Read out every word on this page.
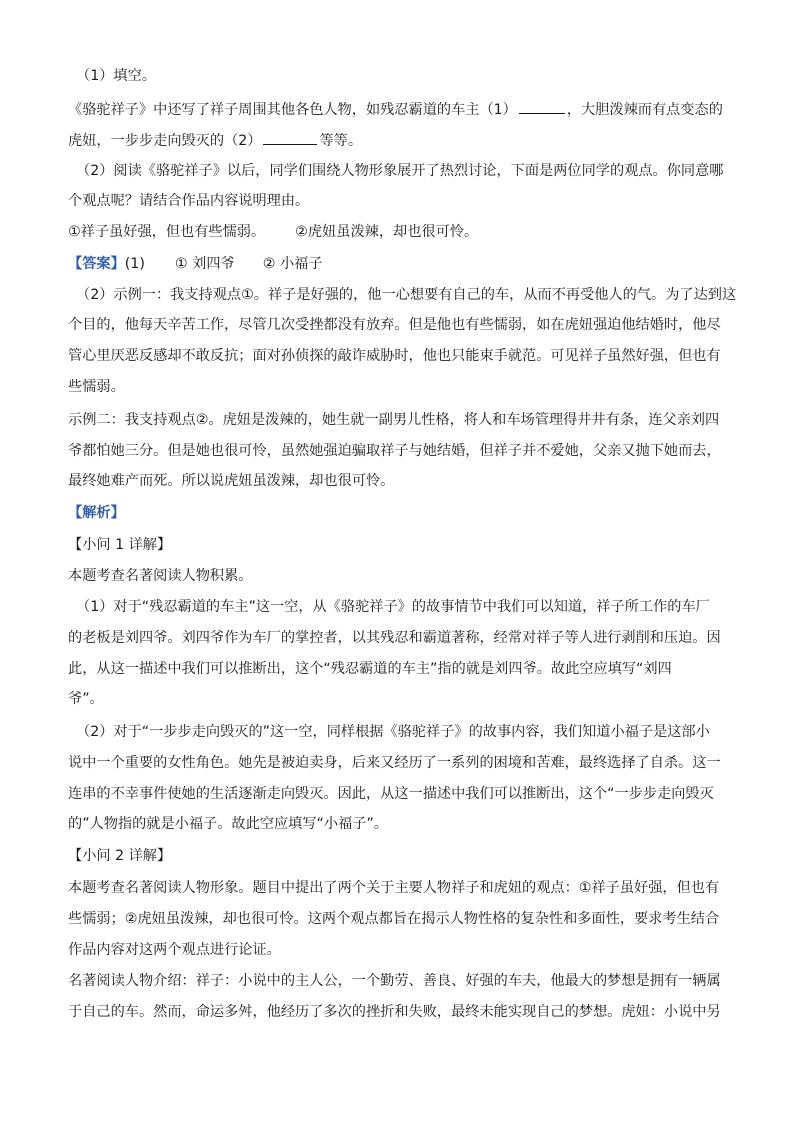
（1）填空。
《骆驼祥子》中还写了祥子周围其他各色人物，如残忍霸道的车主（1）	，大胆泼辣而有点变态的
虎妞，一步步走向毁灭的（2）	等等。
（2）阅读《骆驼祥子》以后，同学们围绕人物形象展开了热烈讨论，下面是两位同学的观点。你同意哪
个观点呢？请结合作品内容说明理由。
①祥子虽好强，但也有些懦弱。 ②虎妞虽泼辣，却也很可怜。
【答案】(1) ① 刘四爷 ② 小福子
（2）示例一：我支持观点①。祥子是好强的，他一心想要有自己的车，从而不再受他人的气。为了达到这
个目的，他每天辛苦工作，尽管几次受挫都没有放弃。但是他也有些懦弱，如在虎妞强迫他结婚时，他尽
管心里厌恶反感却不敢反抗；面对孙侦探的敲诈威胁时，他也只能束手就范。可见祥子虽然好强，但也有
些懦弱。
示例二：我支持观点②。虎妞是泼辣的，她生就一副男儿性格，将人和车场管理得井井有条，连父亲刘四
爷都怕她三分。但是她也很可怜，虽然她强迫骗取祥子与她结婚，但祥子并不爱她，父亲又抛下她而去，
最终她难产而死。所以说虎妞虽泼辣，却也很可怜。
【解析】
【小问 1 详解】
本题考查名著阅读人物积累。
（1）对于“残忍霸道的车主”这一空，从《骆驼祥子》的故事情节中我们可以知道，祥子所工作的车厂
的老板是刘四爷。刘四爷作为车厂的掌控者，以其残忍和霸道著称，经常对祥子等人进行剥削和压迫。因
此，从这一描述中我们可以推断出，这个“残忍霸道的车主”指的就是刘四爷。故此空应填写“刘四
爷”。
（2）对于“一步步走向毁灭的”这一空，同样根据《骆驼祥子》的故事内容，我们知道小福子是这部小
说中一个重要的女性角色。她先是被迫卖身，后来又经历了一系列的困境和苦难，最终选择了自杀。这一
连串的不幸事件使她的生活逐渐走向毁灭。因此，从这一描述中我们可以推断出，这个“一步步走向毁灭
的”人物指的就是小福子。故此空应填写“小福子”。
【小问 2 详解】
本题考查名著阅读人物形象。题目中提出了两个关于主要人物祥子和虎妞的观点：①祥子虽好强，但也有
些懦弱；②虎妞虽泼辣，却也很可怜。这两个观点都旨在揭示人物性格的复杂性和多面性，要求考生结合
作品内容对这两个观点进行论证。
名著阅读人物介绍：祥子：小说中的主人公，一个勤劳、善良、好强的车夫，他最大的梦想是拥有一辆属
于自己的车。然而，命运多舛，他经历了多次的挫折和失败，最终未能实现自己的梦想。虎妞：小说中另
